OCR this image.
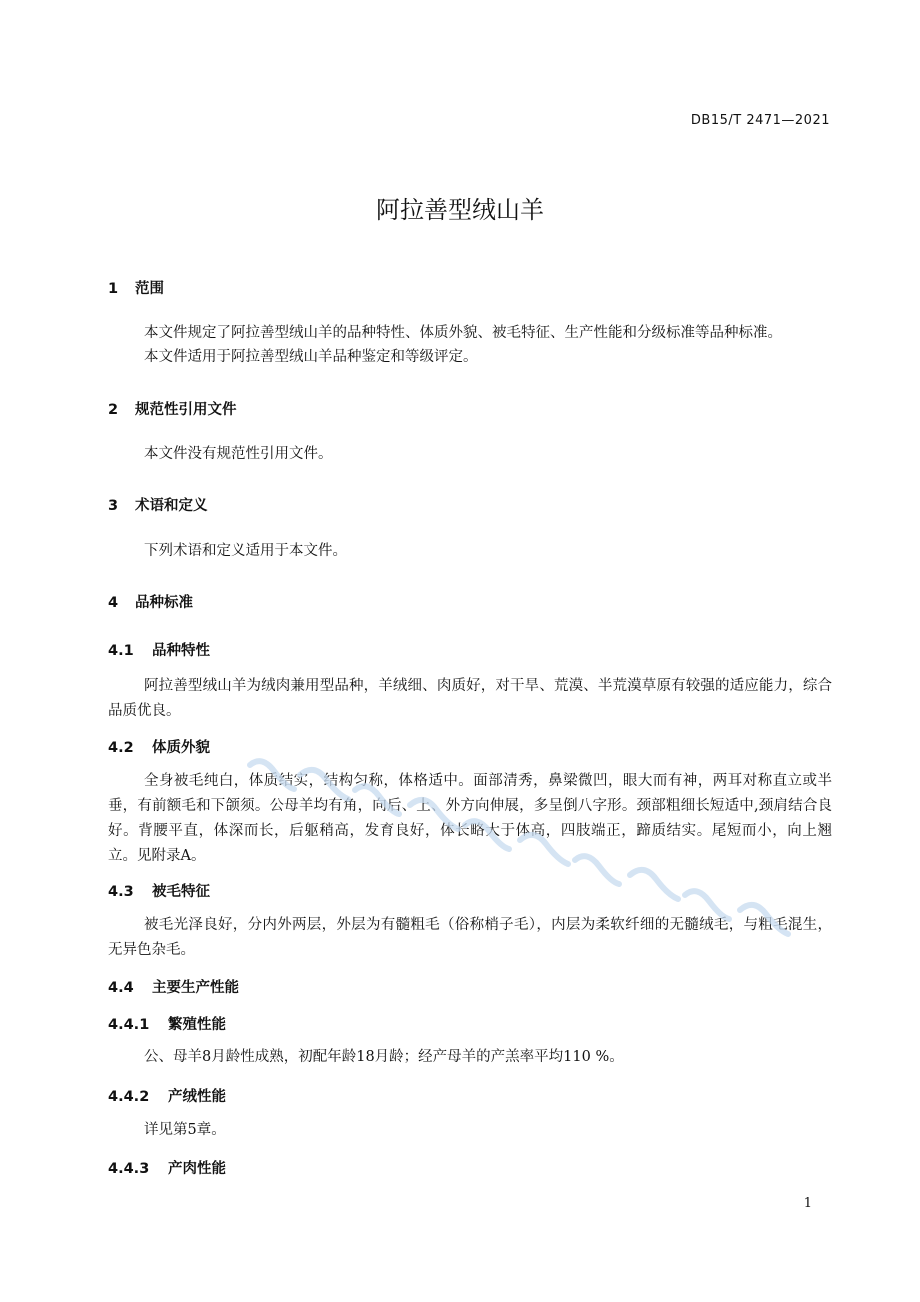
DB15/T 2471—2021
阿拉善型绒山羊
1 范围
本文件规定了阿拉善型绒山羊的品种特性、体质外貌、被毛特征、生产性能和分级标准等品种标准。
本文件适用于阿拉善型绒山羊品种鉴定和等级评定。
2 规范性引用文件
本文件没有规范性引用文件。
3 术语和定义
下列术语和定义适用于本文件。
4 品种标准
4.1 品种特性
阿拉善型绒山羊为绒肉兼用型品种，羊绒细、肉质好，对干旱、荒漠、半荒漠草原有较强的适应能力，综合品质优良。
4.2 体质外貌
全身被毛纯白，体质结实，结构匀称，体格适中。面部清秀，鼻梁微凹，眼大而有神，两耳对称直立或半垂，有前额毛和下颌须。公母羊均有角，向后、上、外方向伸展，多呈倒八字形。颈部粗细长短适中,颈肩结合良好。背腰平直，体深而长，后躯稍高，发育良好，体长略大于体高，四肢端正，蹄质结实。尾短而小，向上翘立。见附录A。
4.3 被毛特征
被毛光泽良好，分内外两层，外层为有髓粗毛（俗称梢子毛），内层为柔软纤细的无髓绒毛，与粗毛混生，无异色杂毛。
4.4 主要生产性能
4.4.1 繁殖性能
公、母羊8月龄性成熟，初配年龄18月龄；经产母羊的产羔率平均110 %。
4.4.2 产绒性能
详见第5章。
4.4.3 产肉性能
1
